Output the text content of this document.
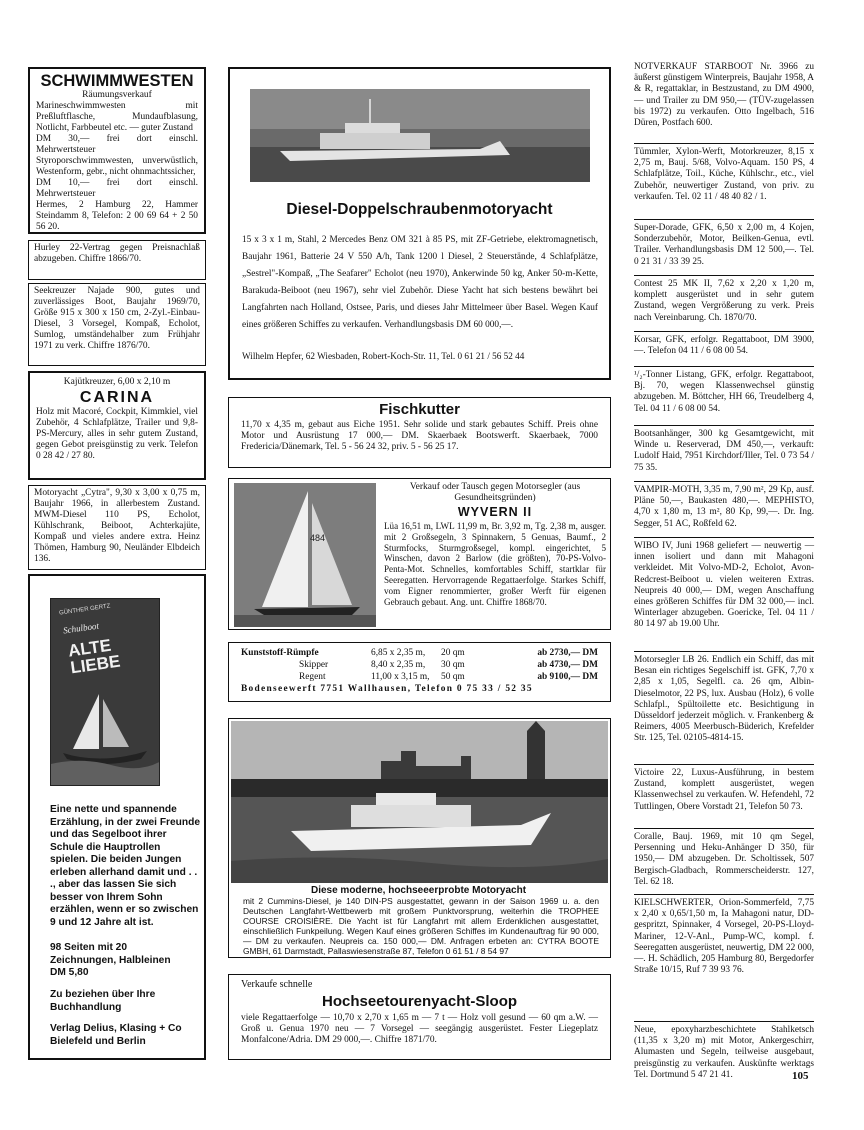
SCHWIMMWESTEN
Räumungsverkauf
Marineschwimmwesten mit Preßluftflasche, Mundaufblasung, Notlicht, Farbbeutel etc. — guter Zustand
DM 30,— frei dort einschl. Mehrwertsteuer
Styroporschwimmwesten, unverwüstlich, Westenform, gebr., nicht ohnmachtssicher,
DM 10,— frei dort einschl. Mehrwertsteuer
Hermes, 2 Hamburg 22, Hammer Steindamm 8, Telefon: 2 00 69 64 + 2 50 56 20.
Hurley 22-Vertrag gegen Preisnachlaß abzugeben. Chiffre 1866/70.
Seekreuzer Najade 900, gutes und zuverlässiges Boot, Baujahr 1969/70, Größe 915 x 300 x 150 cm, 2-Zyl.-Einbau-Diesel, 3 Vorsegel, Kompaß, Echolot, Sumlog, umständehalber zum Frühjahr 1971 zu verk. Chiffre 1876/70.
Kajütkreuzer, 6,00 x 2,10 m
CARINA
Holz mit Macoré, Cockpit, Kimmkiel, viel Zubehör, 4 Schlafplätze, Trailer und 9,8-PS-Mercury, alles in sehr gutem Zustand, gegen Gebot preisgünstig zu verk. Telefon 0 28 42 / 27 80.
Motoryacht „Cytra", 9,30 x 3,00 x 0,75 m, Baujahr 1966, in allerbestem Zustand. MWM-Diesel 110 PS, Echolot, Kühlschrank, Beiboot, Achterkajüte, Kompaß und vieles andere extra. Heinz Thömen, Hamburg 90, Neuländer Elbdeich 136.
GÜNTHER GERTZ
Schulboot
ALTE LIEBE
Eine nette und spannende Erzählung, in der zwei Freunde und das Segelboot ihrer Schule die Hauptrollen spielen. Die beiden Jungen erleben allerhand damit und . . ., aber das lassen Sie sich besser von Ihrem Sohn erzählen, wenn er so zwischen 9 und 12 Jahre alt ist.
98 Seiten mit 20 Zeichnungen, Halbleinen DM 5,80
Zu beziehen über Ihre Buchhandlung
Verlag Delius, Klasing + Co Bielefeld und Berlin
Diesel-Doppelschraubenmotoryacht
15 x 3 x 1 m, Stahl, 2 Mercedes Benz OM 321 à 85 PS, mit ZF-Getriebe, elektromagnetisch, Baujahr 1961, Batterie 24 V 550 A/h, Tank 1200 l Diesel, 2 Steuerstände, 4 Schlafplätze, „Sestrel"-Kompaß, „The Seafarer" Echolot (neu 1970), Ankerwinde 50 kg, Anker 50-m-Kette, Barakuda-Beiboot (neu 1967), sehr viel Zubehör. Diese Yacht hat sich bestens bewährt bei Langfahrten nach Holland, Ostsee, Paris, und dieses Jahr Mittelmeer über Basel. Wegen Kauf eines größeren Schiffes zu verkaufen. Verhandlungsbasis DM 60 000,—.
Wilhelm Hepfer, 62 Wiesbaden, Robert-Koch-Str. 11, Tel. 0 61 21 / 56 52 44
Fischkutter
11,70 x 4,35 m, gebaut aus Eiche 1951. Sehr solide und stark gebautes Schiff. Preis ohne Motor und Ausrüstung 17 000,— DM. Skaerbaek Bootswerft. Skaerbaek, 7000 Fredericia/Dänemark, Tel. 5 - 56 24 32, priv. 5 - 56 25 17.
484
Verkauf oder Tausch gegen Motorsegler (aus Gesundheitsgründen)
WYVERN II
Lüa 16,51 m, LWL 11,99 m, Br. 3,92 m, Tg. 2,38 m, ausger. mit 2 Großsegeln, 3 Spinnakern, 5 Genuas, Baumf., 2 Sturmfocks, Sturmgroßsegel, kompl. eingerichtet, 5 Winschen, davon 2 Barlow (die größten), 70-PS-Volvo-Penta-Mot. Schnelles, komfortables Schiff, startklar für Seeregatten. Hervorragende Regattaerfolge. Starkes Schiff, vom Eigner renommierter, großer Werft für eigenen Gebrauch gebaut. Ang. unt. Chiffre 1868/70.
Kunststoff-Rümpfe	6,85 x 2,35 m,	20 qm	ab 2730,— DM
Skipper	8,40 x 2,35 m,	30 qm	ab 4730,— DM
Regent	11,00 x 3,15 m,	50 qm	ab 9100,— DM
Bodenseewerft 7751 Wallhausen, Telefon 0 75 33 / 52 35
Diese moderne, hochseeerprobte Motoryacht
mit 2 Cummins-Diesel, je 140 DIN-PS ausgestattet, gewann in der Saison 1969 u. a. den Deutschen Langfahrt-Wettbewerb mit großem Punktvorsprung, weiterhin die TROPHEE COURSE CROISIÈRE. Die Yacht ist für Langfahrt mit allem Erdenklichen ausgestattet, einschließlich Funkpeilung. Wegen Kauf eines größeren Schiffes im Kundenauftrag für 90 000,— DM zu verkaufen. Neupreis ca. 150 000,— DM. Anfragen erbeten an: CYTRA BOOTE GMBH, 61 Darmstadt, Pallaswiesenstraße 87, Telefon 0 61 51 / 8 54 97
Verkaufe schnelle
Hochseetourenyacht-Sloop
viele Regattaerfolge — 10,70 x 2,70 x 1,65 m — 7 t — Holz voll gesund — 60 qm a.W. — Groß u. Genua 1970 neu — 7 Vorsegel — seegängig ausgerüstet. Fester Liegeplatz Monfalcone/Adria. DM 29 000,—. Chiffre 1871/70.
NOTVERKAUF STARBOOT Nr. 3966 zu äußerst günstigem Winterpreis, Baujahr 1958, A & R, regattaklar, in Bestzustand, zu DM 4900,— und Trailer zu DM 950,— (TÜV-zugelassen bis 1972) zu verkaufen. Otto Ingelbach, 516 Düren, Postfach 600.
Tümmler, Xylon-Werft, Motorkreuzer, 8,15 x 2,75 m, Bauj. 5/68, Volvo-Aquam. 150 PS, 4 Schlafplätze, Toil., Küche, Kühlschr., etc., viel Zubehör, neuwertiger Zustand, von priv. zu verkaufen. Tel. 02 11 / 48 40 82 / 1.
Super-Dorade, GFK, 6,50 x 2,00 m, 4 Kojen, Sonderzubehör, Motor, Beilken-Genua, evtl. Trailer. Verhandlungsbasis DM 12 500,—. Tel. 0 21 31 / 33 39 25.
Contest 25 MK II, 7,62 x 2,20 x 1,20 m, komplett ausgerüstet und in sehr gutem Zustand, wegen Vergrößerung zu verk. Preis nach Vereinbarung. Ch. 1870/70.
Korsar, GFK, erfolgr. Regattaboot, DM 3900,—. Telefon 04 11 / 6 08 00 54.
¹/₂-Tonner Listang, GFK, erfolgr. Regattaboot, Bj. 70, wegen Klassenwechsel günstig abzugeben. M. Böttcher, HH 66, Treudelberg 4, Tel. 04 11 / 6 08 00 54.
Bootsanhänger, 300 kg Gesamtgewicht, mit Winde u. Reserverad, DM 450,—, verkauft: Ludolf Haid, 7951 Kirchdorf/Iller, Tel. 0 73 54 / 75 35.
VAMPIR-MOTH, 3,35 m, 7,90 m², 29 Kp, ausf. Pläne 50,—, Baukasten 480,—. MEPHISTO, 4,70 x 1,80 m, 13 m², 80 Kp, 99,—. Dr. Ing. Segger, 51 AC, Roßfeld 62.
WIBO IV, Juni 1968 geliefert — neuwertig — innen isoliert und dann mit Mahagoni verkleidet. Mit Volvo-MD-2, Echolot, Avon-Redcrest-Beiboot u. vielen weiteren Extras. Neupreis 40 000,— DM, wegen Anschaffung eines größeren Schiffes für DM 32 000,— incl. Winterlager abzugeben. Goericke, Tel. 04 11 / 80 14 97 ab 19.00 Uhr.
Motorsegler LB 26. Endlich ein Schiff, das mit Besan ein richtiges Segelschiff ist. GFK, 7,70 x 2,85 x 1,05, Segelfl. ca. 26 qm, Albin-Dieselmotor, 22 PS, lux. Ausbau (Holz), 6 volle Schlafpl., Spültoilette etc. Besichtigung in Düsseldorf jederzeit möglich. v. Frankenberg & Reimers, 4005 Meerbusch-Büderich, Krefelder Str. 125, Tel. 02105-4814-15.
Victoire 22, Luxus-Ausführung, in bestem Zustand, komplett ausgerüstet, wegen Klassenwechsel zu verkaufen. W. Hefendehl, 72 Tuttlingen, Obere Vorstadt 21, Telefon 50 73.
Coralle, Bauj. 1969, mit 10 qm Segel, Persenning und Heku-Anhänger D 350, für 1950,— DM abzugeben. Dr. Scholtissek, 507 Bergisch-Gladbach, Rommerscheiderstr. 127, Tel. 62 18.
KIELSCHWERTER, Orion-Sommerfeld, 7,75 x 2,40 x 0,65/1,50 m, Ia Mahagoni natur, DD-gespritzt, Spinnaker, 4 Vorsegel, 20-PS-Lloyd-Mariner, 12-V-Anl., Pump-WC, kompl. f. Seeregatten ausgerüstet, neuwertig, DM 22 000,—. H. Schädlich, 205 Hamburg 80, Bergedorfer Straße 10/15, Ruf 7 39 93 76.
Neue, epoxyharzbeschichtete Stahlketsch (11,35 x 3,20 m) mit Motor, Ankergeschirr, Alumasten und Segeln, teilweise ausgebaut, preisgünstig zu verkaufen. Auskünfte werktags Tel. Dortmund 5 47 21 41.	105
